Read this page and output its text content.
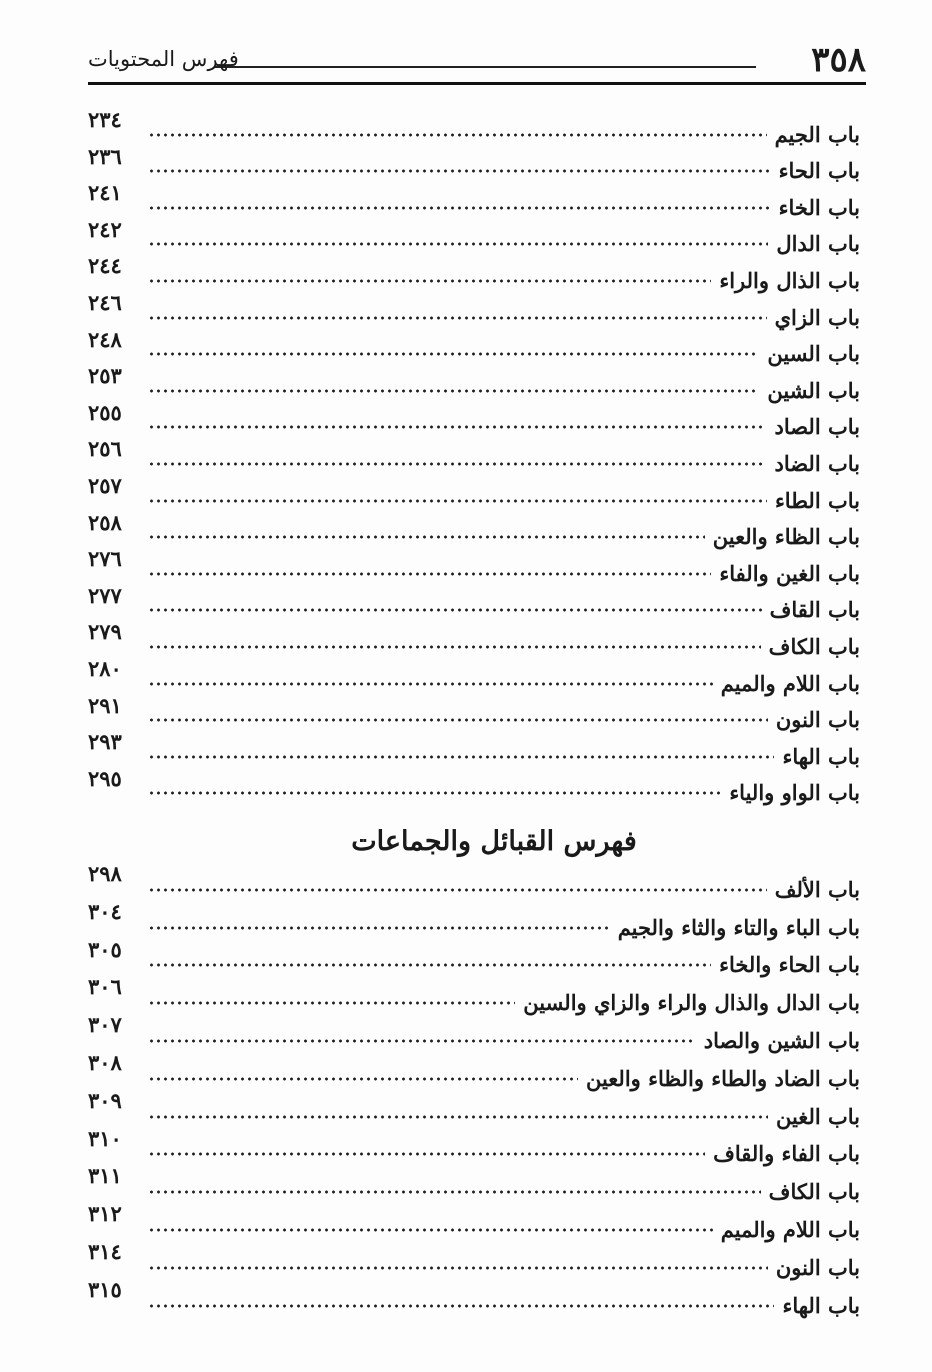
٣٥٨
فهرس المحتويات
باب الجيم
٢٣٤
باب الحاء
٢٣٦
باب الخاء
٢٤١
باب الدال
٢٤٢
باب الذال والراء
٢٤٤
باب الزاي
٢٤٦
باب السين
٢٤٨
باب الشين
٢٥٣
باب الصاد
٢٥٥
باب الضاد
٢٥٦
باب الطاء
٢٥٧
باب الظاء والعين
٢٥٨
باب الغين والفاء
٢٧٦
باب القاف
٢٧٧
باب الكاف
٢٧٩
باب اللام والميم
٢٨٠
باب النون
٢٩١
باب الهاء
٢٩٣
باب الواو والياء
٢٩٥
فهرس القبائل والجماعات
باب الألف
٢٩٨
باب الباء والتاء والثاء والجيم
٣٠٤
باب الحاء والخاء
٣٠٥
باب الدال والذال والراء والزاي والسين
٣٠٦
باب الشين والصاد
٣٠٧
باب الضاد والطاء والظاء والعين
٣٠٨
باب الغين
٣٠٩
باب الفاء والقاف
٣١٠
باب الكاف
٣١١
باب اللام والميم
٣١٢
باب النون
٣١٤
باب الهاء
٣١٥
